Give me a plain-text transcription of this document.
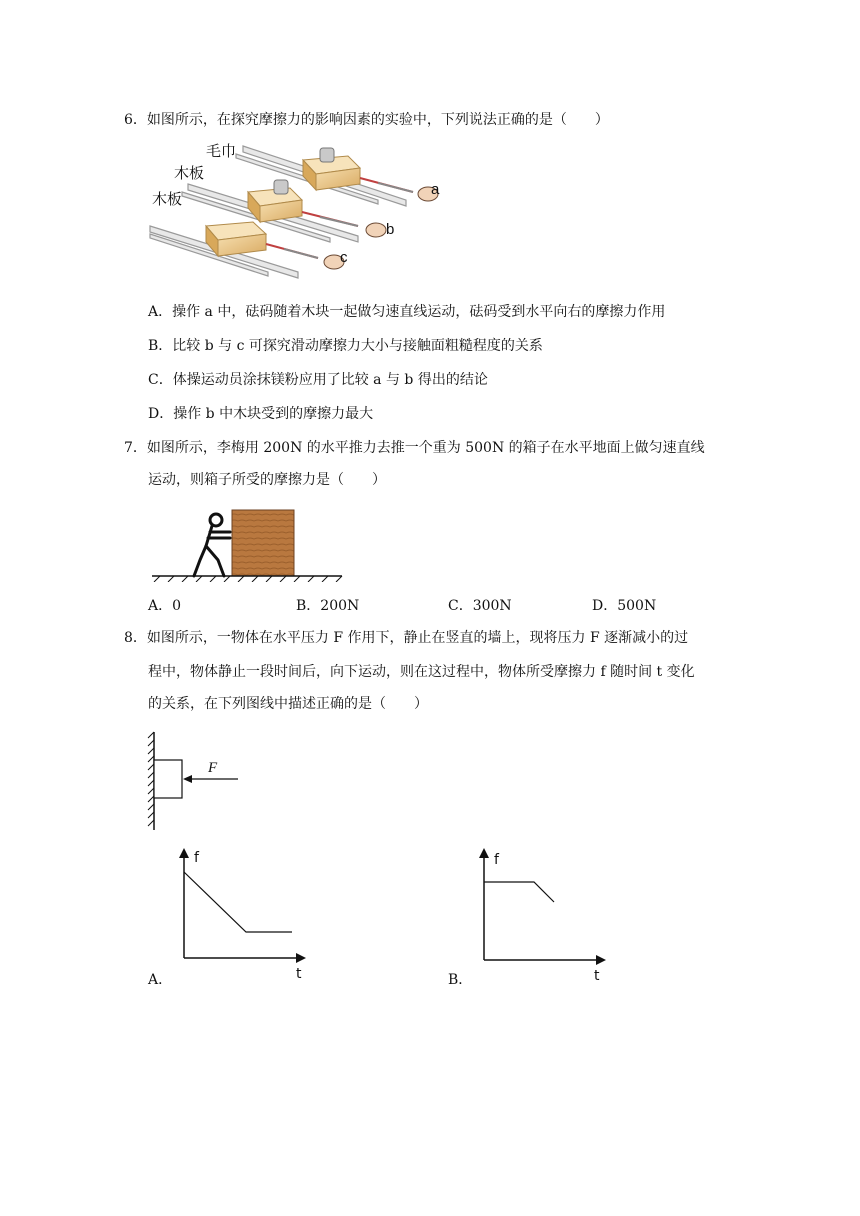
6．如图所示，在探究摩擦力的影响因素的实验中，下列说法正确的是（　　）
毛巾
木板
木板
a
b
c
A．操作 a 中，砝码随着木块一起做匀速直线运动，砝码受到水平向右的摩擦力作用
B．比较 b 与 c 可探究滑动摩擦力大小与接触面粗糙程度的关系
C．体操运动员涂抹镁粉应用了比较 a 与 b 得出的结论
D．操作 b 中木块受到的摩擦力最大
7．如图所示，李梅用 200N 的水平推力去推一个重为 500N 的箱子在水平地面上做匀速直线
运动，则箱子所受的摩擦力是（　　）
A．0	B．200N	C．300N	D．500N
8．如图所示，一物体在水平压力 F 作用下，静止在竖直的墙上，现将压力 F 逐渐减小的过
程中，物体静止一段时间后，向下运动，则在这过程中，物体所受摩擦力 f 随时间 t 变化
的关系，在下列图线中描述正确的是（　　）
F
f
t
A．
f
t
B．
